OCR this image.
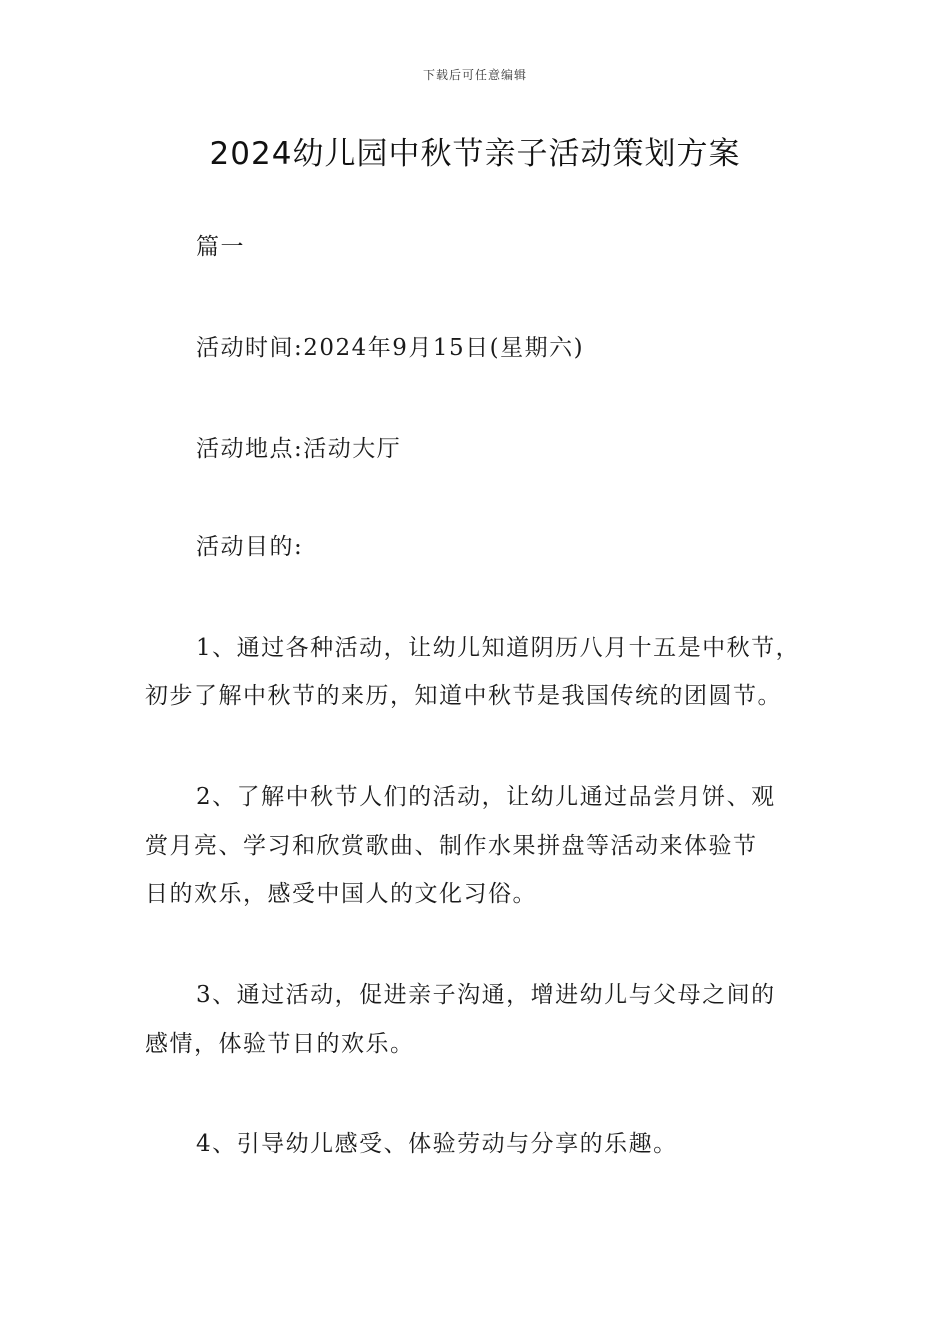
下载后可任意编辑
2024幼儿园中秋节亲子活动策划方案

篇一

活动时间:2024年9月15日(星期六)

活动地点:活动大厅

活动目的:

1、通过各种活动，让幼儿知道阴历八月十五是中秋节，

初步了解中秋节的来历，知道中秋节是我国传统的团圆节。

2、了解中秋节人们的活动，让幼儿通过品尝月饼、观

赏月亮、学习和欣赏歌曲、制作水果拼盘等活动来体验节

日的欢乐，感受中国人的文化习俗。

3、通过活动，促进亲子沟通，增进幼儿与父母之间的

感情，体验节日的欢乐。

4、引导幼儿感受、体验劳动与分享的乐趣。
